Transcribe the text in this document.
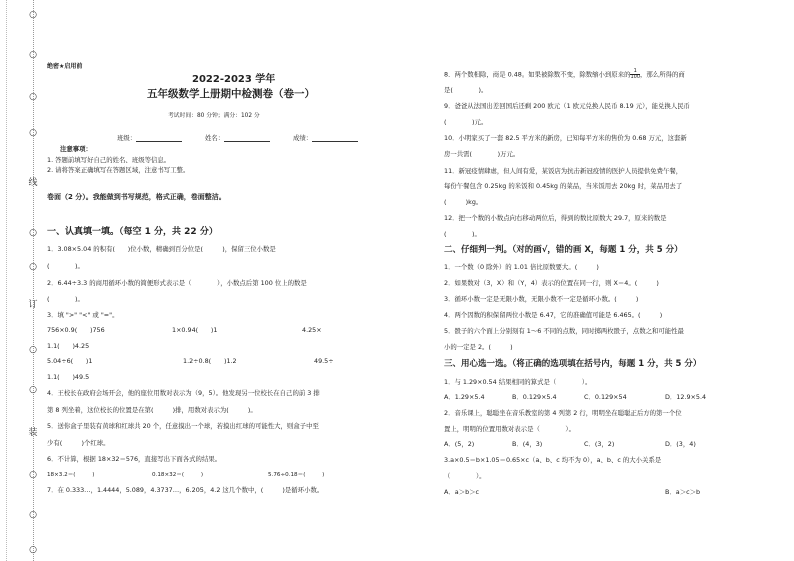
○
○
○
○
线
○
○
订
○
○
装
○
○
○
绝密★启用前
2022-2023 学年
五年级数学上册期中检测卷（卷一）
考试时间：80 分钟；满分：102 分
班级：	姓名：	成绩：
注意事项：
1. 答题前填写好自己的姓名、班级等信息。
2. 请将答案正确填写在答题区域，注意书写工整。
卷面（2 分）。我能做到书写规范，格式正确，卷面整洁。
一、认真填一填。（每空 1 分，共 22 分）
1．3.08×5.04 的积有(　　)位小数，精确到百分位是(　　　)，保留三位小数是
(　　　　)。
2．6.44÷3.3 的商用循环小数的简便形式表示是（　　　　），小数点后第 100 位上的数是
(　　　　)。
3．填 ">" "<" 或 "="。
756×0.9(　　)756	1×0.94(　　)1	4.25×
1.1(　　)4.25
5.04÷6(　　)1	1.2÷0.8(　　)1.2	49.5÷
1.1(　　)49.5
4．王校长在政府会场开会，他的座位用数对表示为（9，5）。他发现另一位校长在自己的前 3 排
第 8 列坐着，这位校长的位置是在第(　　　)排，用数对表示为(　　　)。
5．送你盒子里装有黄球和红球共 20 个，任意摸出一个球，若摸出红球的可能性大，则盒子中至
少有(　　　)个红球。
6．不计算，根据 18×32＝576，直接写出下面各式的结果。
18×3.2＝(　　　)	0.18×32＝(　　　)	5.76÷0.18＝(　　　)
7．在 0.333…，1.4444，5.0̇8̇9̇，4.3737…，6.20̇5̇，4.2 这几个数中，(　　　)是循环小数。
8．两个数相除，商是 0.48。如果被除数不变，除数缩小到原来的 $\frac{1}{100}$ ，那么所得的商
是(　　　　)。
9．爸爸从法国出差回国后还剩 200 欧元（1 欧元兑换人民币 8.19 元），能兑换人民币
(　　　　)元。
10．小明家买了一套 82.5 平方米的新房，已知每平方米的售价为 0.68 万元，这套新
房一共需(　　　　)万元。
11．新冠疫情肆虐，但人间有爱，某饭店为抗击新冠疫情的医护人员提供免费午餐，
每份午餐包含 0.25kg 的米饭和 0.45kg 的菜品，当米饭用去 20kg 时，菜品用去了
(　　　)kg。
12．把一个数的小数点向右移动两位后，得到的数比原数大 29.7，原来的数是
(　　　　)。
二、仔细判一判。（对的画√，错的画 X，每题 1 分，共 5 分）
1．一个数（0 除外）的 1.01 倍比原数要大。(　　　)
2．如果数对（3，X）和（Y，4）表示的位置在同一行，则 X＝4。(　　　)
3．循环小数一定是无限小数，无限小数不一定是循环小数。(　　　)
4．两个因数的积保留两位小数是 6.47，它的准确值可能是 6.465。(　　　)
5．骰子的六个面上分别刻有 1～6 不同的点数，同时掷两枚骰子，点数之和可能性最
小的一定是 2。(　　　)
三、用心选一选。（将正确的选项填在括号内，每题 1 分，共 5 分）
1．与 1.29×0.54 结果相同的算式是（　　　　）。
A．1.29×5.4	B．0.129×5.4	C．0.129×54	D．12.9×5.4
2．音乐课上，聪聪坐在音乐教室的第 4 列第 2 行，明明坐在聪聪正后方的第一个位
置上，明明的位置用数对表示是（　　　　）。
A．(5，2)	B．(4，3)	C．(3，2)	D．(3，4)
3.a×0.5＝b×1.05＝0.65×c（a、b、c 均不为 0），a、b、c 的大小关系是
（　　　　）。
A．a＞b＞c	B．a＞c＞b
